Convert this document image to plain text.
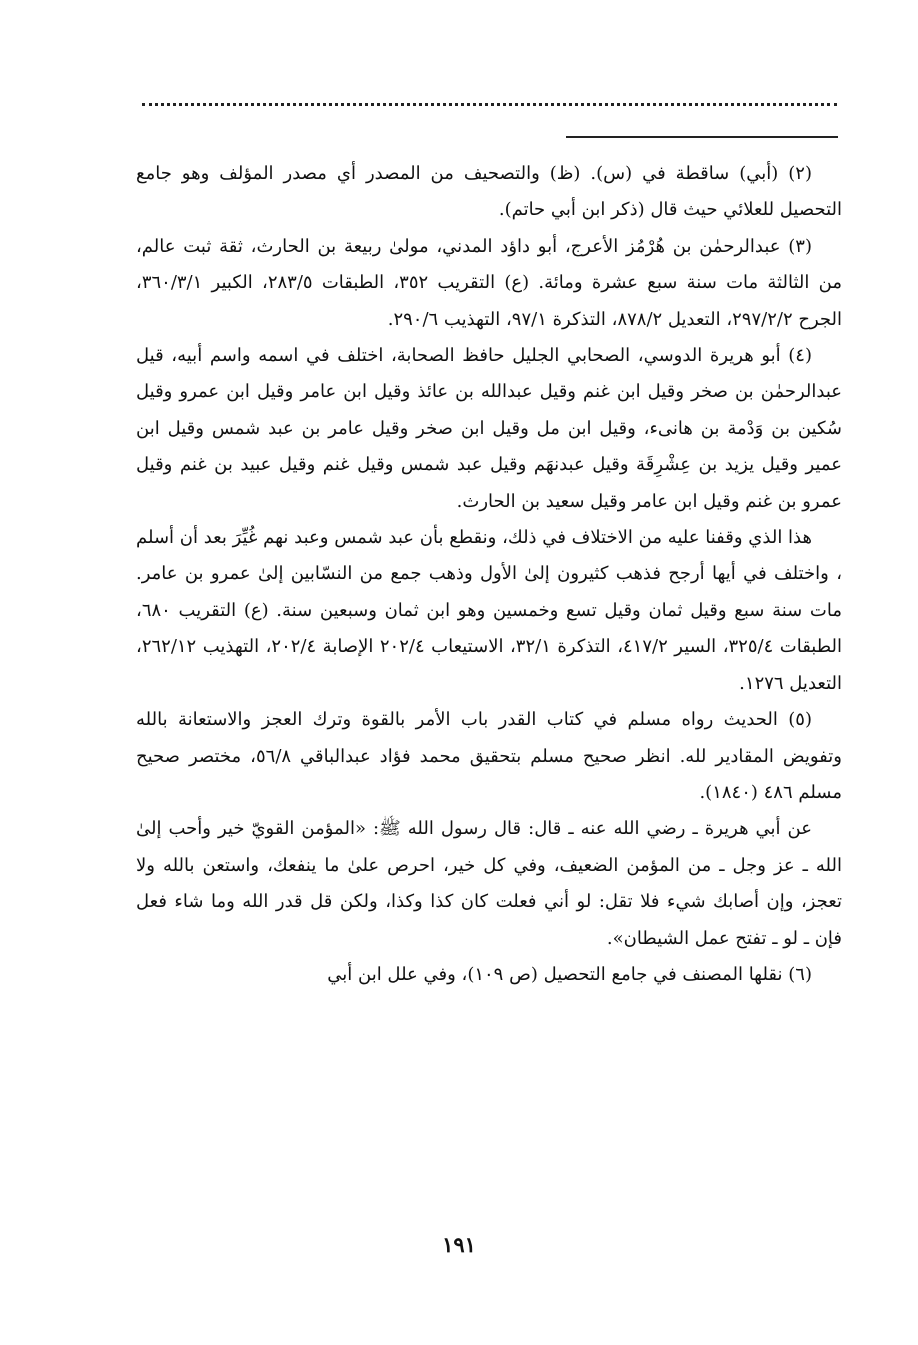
(٢) (أبي) ساقطة في (س). (ظ) والتصحيف من المصدر أي مصدر المؤلف وهو جامع التحصيل للعلائي حيث قال (ذكر ابن أبي حاتم).

(٣) عبدالرحمٰن بن هُرْمُز الأعرج، أبو داؤد المدني، مولىٰ ربيعة بن الحارث، ثقة ثبت عالم، من الثالثة مات سنة سبع عشرة ومائة. (ع) التقريب ٣٥٢، الطبقات ٢٨٣/٥، الكبير ٣٦٠/٣/١، الجرح ٢٩٧/٢/٢، التعديل ٨٧٨/٢، التذكرة ٩٧/١، التهذيب ٢٩٠/٦.

(٤) أبو هريرة الدوسي، الصحابي الجليل حافظ الصحابة، اختلف في اسمه واسم أبيه، قيل عبدالرحمٰن بن صخر وقيل ابن غنم وقيل عبدالله بن عائذ وقيل ابن عامر وقيل ابن عمرو وقيل سُكين بن وَدْمة بن هانىء، وقيل ابن مل وقيل ابن صخر وقيل عامر بن عبد شمس وقيل ابن عمير وقيل يزيد بن عِشْرِقَة وقيل عبدنهَم وقيل عبد شمس وقيل غنم وقيل عبيد بن غنم وقيل عمرو بن غنم وقيل ابن عامر وقيل سعيد بن الحارث.

هذا الذي وقفنا عليه من الاختلاف في ذلك، ونقطع بأن عبد شمس وعبد نهم غُيِّرَ بعد أن أسلم ، واختلف في أيها أرجح فذهب كثيرون إلىٰ الأول وذهب جمع من النسّابين إلىٰ عمرو بن عامر. مات سنة سبع وقيل ثمان وقيل تسع وخمسين وهو ابن ثمان وسبعين سنة. (ع) التقريب ٦٨٠، الطبقات ٣٢٥/٤، السير ٤١٧/٢، التذكرة ٣٢/١، الاستيعاب ٢٠٢/٤ الإصابة ٢٠٢/٤، التهذيب ٢٦٢/١٢، التعديل ١٢٧٦.

(٥) الحديث رواه مسلم في كتاب القدر باب الأمر بالقوة وترك العجز والاستعانة بالله وتفويض المقادير لله. انظر صحيح مسلم بتحقيق محمد فؤاد عبدالباقي ٥٦/٨، مختصر صحيح مسلم ٤٨٦ (١٨٤٠).

عن أبي هريرة ـ رضي الله عنه ـ قال: قال رسول الله ﷺ: «المؤمن القويّ خير وأحب إلىٰ الله ـ عز وجل ـ من المؤمن الضعيف، وفي كل خير، احرص علىٰ ما ينفعك، واستعن بالله ولا تعجز، وإن أصابك شيء فلا تقل: لو أني فعلت كان كذا وكذا، ولكن قل قدر الله وما شاء فعل فإن ـ لو ـ تفتح عمل الشيطان».

(٦) نقلها المصنف في جامع التحصيل (ص ١٠٩)، وفي علل ابن أبي

١٩١
